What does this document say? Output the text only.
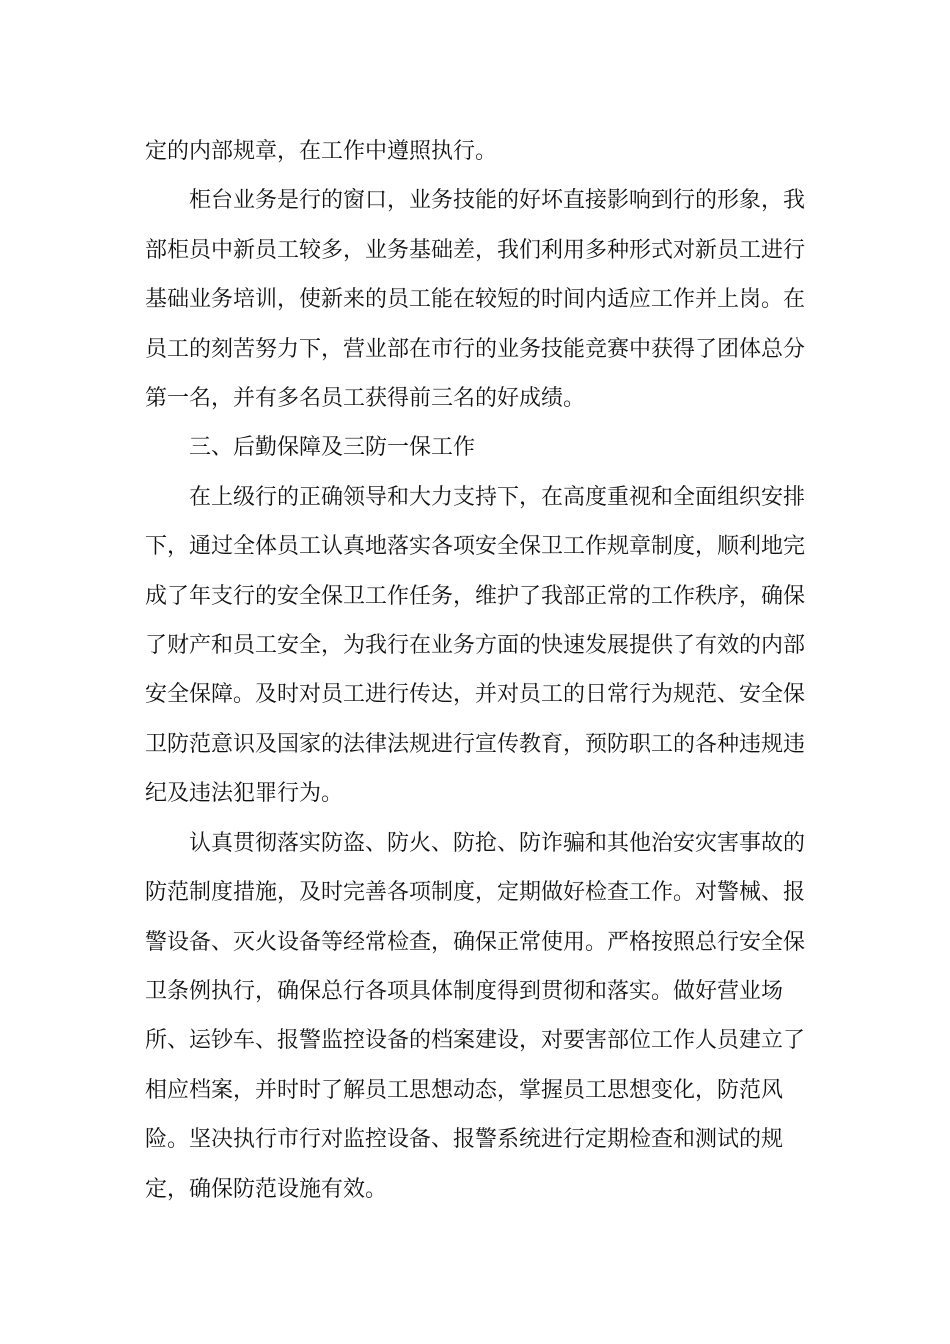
定的内部规章，在工作中遵照执行。

柜台业务是行的窗口，业务技能的好坏直接影响到行的形象，我部柜员中新员工较多，业务基础差，我们利用多种形式对新员工进行基础业务培训，使新来的员工能在较短的时间内适应工作并上岗。在员工的刻苦努力下，营业部在市行的业务技能竞赛中获得了团体总分第一名，并有多名员工获得前三名的好成绩。

三、后勤保障及三防一保工作

在上级行的正确领导和大力支持下，在高度重视和全面组织安排下，通过全体员工认真地落实各项安全保卫工作规章制度，顺利地完成了年支行的安全保卫工作任务，维护了我部正常的工作秩序，确保了财产和员工安全，为我行在业务方面的快速发展提供了有效的内部安全保障。及时对员工进行传达，并对员工的日常行为规范、安全保卫防范意识及国家的法律法规进行宣传教育，预防职工的各种违规违纪及违法犯罪行为。

认真贯彻落实防盗、防火、防抢、防诈骗和其他治安灾害事故的防范制度措施，及时完善各项制度，定期做好检查工作。对警械、报警设备、灭火设备等经常检查，确保正常使用。严格按照总行安全保卫条例执行，确保总行各项具体制度得到贯彻和落实。做好营业场所、运钞车、报警监控设备的档案建设，对要害部位工作人员建立了相应档案，并时时了解员工思想动态，掌握员工思想变化，防范风险。坚决执行市行对监控设备、报警系统进行定期检查和测试的规定，确保防范设施有效。
